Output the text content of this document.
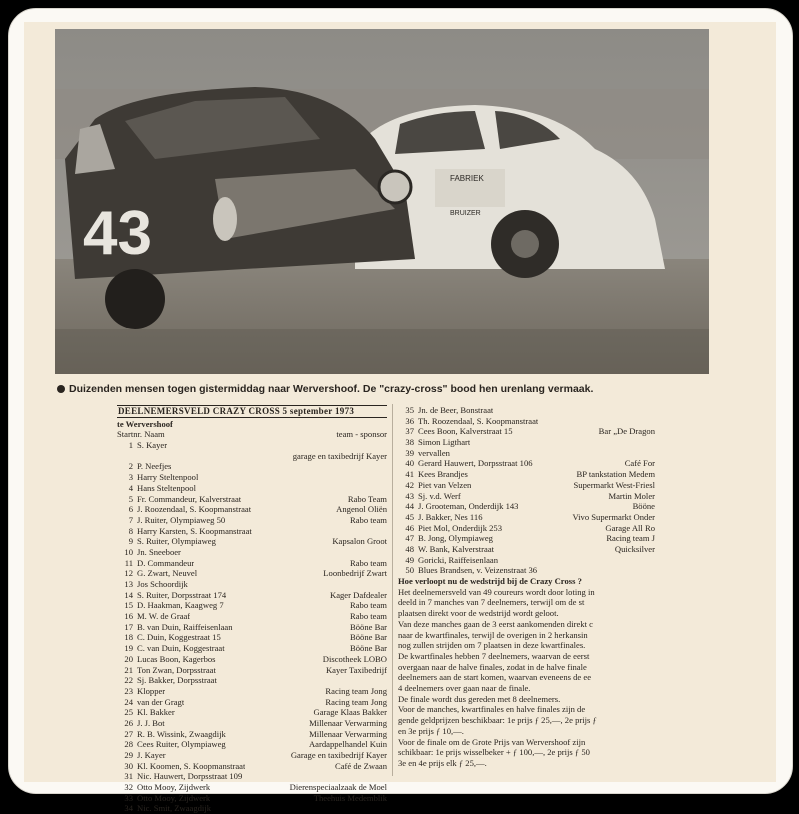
43
FABRIEK
BRUIZER
Duizenden mensen togen gistermiddag naar Wervershoof. De "crazy-cross" bood hen urenlang vermaak.
DEELNEMERSVELD CRAZY CROSS 5 september 1973
te Wervershoof
Startnr. Naam	team - sponsor
1 S. Kayer
garage en taxibedrijf Kayer
2 P. Neefjes
3 Harry Steltenpool
4 Hans Steltenpool
5 Fr. Commandeur, Kalverstraat	Rabo Team
6 J. Roozendaal, S. Koopmanstraat	Angenol Oliën
7 J. Ruiter, Olympiaweg 50	Rabo team
8 Harry Karsten, S. Koopmanstraat
9 S. Ruiter, Olympiaweg	Kapsalon Groot
10 Jn. Sneeboer
11 D. Commandeur	Rabo team
12 G. Zwart, Neuvel	Loonbedrijf Zwart
13 Jos Schoordijk
14 S. Ruiter, Dorpsstraat 174	Kager Dafdealer
15 D. Haakman, Kaagweg 7	Rabo team
16 M. W. de Graaf	Rabo team
17 B. van Duin, Raiffeisenlaan	Bööne Bar
18 C. Duin, Koggestraat 15	Bööne Bar
19 C. van Duin, Koggestraat	Bööne Bar
20 Lucas Boon, Kagerbos	Discotheek LOBO
21 Ton Zwan, Dorpsstraat	Kayer Taxibedrijf
22 Sj. Bakker, Dorpsstraat
23 Klopper	Racing team Jong
24 van der Gragt	Racing team Jong
25 Kl. Bakker	Garage Klaas Bakker
26 J. J. Bot	Millenaar Verwarming
27 R. B. Wissink, Zwaagdijk	Millenaar Verwarming
28 Cees Ruiter, Olympiaweg	Aardappelhandel Kuin
29 J. Kayer	Garage en taxibedrijf Kayer
30 Kl. Koomen, S. Koopmanstraat	Café de Zwaan
31 Nic. Hauwert, Dorpsstraat 109
32 Otto Mooy, Zijdwerk	Dierenspeciaalzaak de Moel
33 Otto Mooy, Zijdwerk	Theehuis Medemblik
34 Nic. Smit, Zwaagdijk
35 Jn. de Beer, Bonstraat
36 Th. Roozendaal, S. Koopmanstraat
37 Cees Boon, Kalverstraat 15	Bar „De Dragon
38 Simon Ligthart
39 vervallen
40 Gerard Hauwert, Dorpsstraat 106	Café For
41 Kees Brandjes	BP tankstation Medem
42 Piet van Velzen	Supermarkt West-Friesl
43 Sj. v.d. Werf	Martin Moler
44 J. Grooteman, Onderdijk 143	Bööne
45 J. Bakker, Nes 116	Vivo Supermarkt Onder
46 Piet Mol, Onderdijk 253	Garage All Ro
47 B. Jong, Olympiaweg	Racing team J
48 W. Bank, Kalverstraat	Quicksilver
49 Goricki, Raiffeisenlaan
50 Blues Brandsen, v. Veizenstraat 36
Hoe verloopt nu de wedstrijd bij de Crazy Cross ?
Het deelnemersveld van 49 coureurs wordt door loting in
deeld in 7 manches van 7 deelnemers, terwijl om de st
plaatsen direkt voor de wedstrijd wordt geloot.
Van deze manches gaan de 3 eerst aankomenden direkt c
naar de kwartfinales, terwijl de overigen in 2 herkansin
nog zullen strijden om 7 plaatsen in deze kwartfinales.
De kwartfinales hebben 7 deelnemers, waarvan de eerst
overgaan naar de halve finales, zodat in de halve finale
deelnemers aan de start komen, waarvan eveneens de ee
4 deelnemers over gaan naar de finale.
De finale wordt dus gereden met 8 deelnemers.
Voor de manches, kwartfinales en halve finales zijn de
gende geldprijzen beschikbaar: 1e prijs ƒ 25,—, 2e prijs ƒ
en 3e prijs ƒ 10,—.
Voor de finale om de Grote Prijs van Wervershoof zijn
schikbaar: 1e prijs wisselbeker + ƒ 100,—, 2e prijs ƒ 50
3e en 4e prijs elk ƒ 25,—.
